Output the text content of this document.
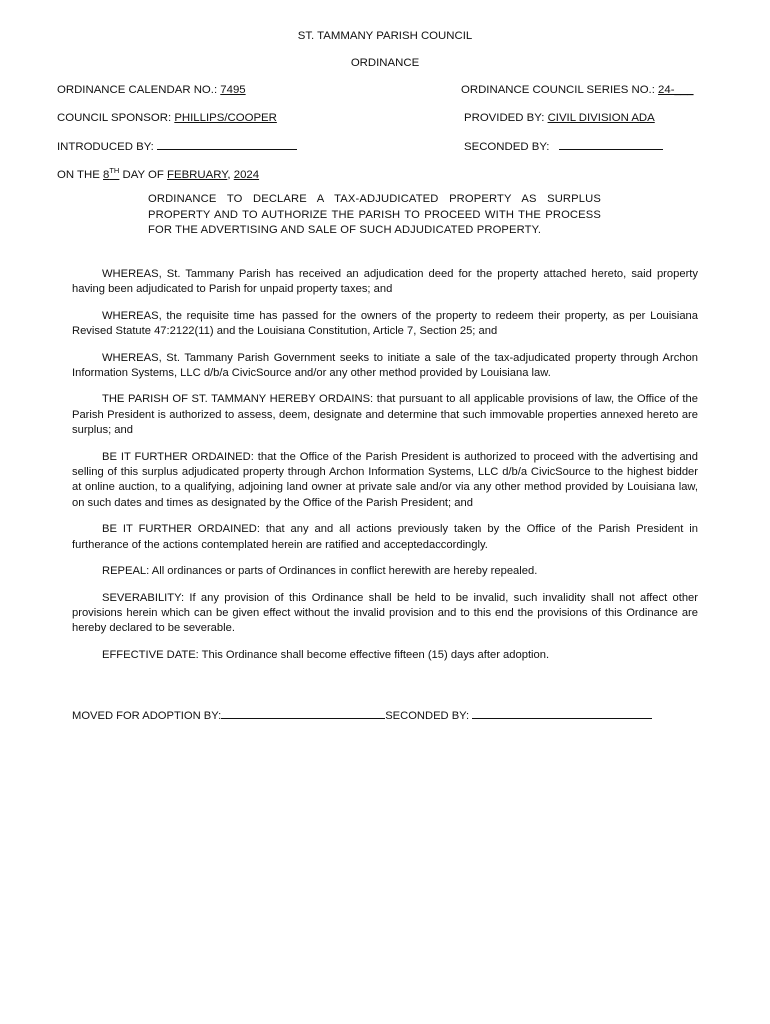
ST. TAMMANY PARISH COUNCIL
ORDINANCE
ORDINANCE CALENDAR NO.: 7495	ORDINANCE COUNCIL SERIES NO.: 24-___
COUNCIL SPONSOR: PHILLIPS/COOPER	PROVIDED BY: CIVIL DIVISION ADA
INTRODUCED BY:	SECONDED BY:
ON THE 8TH DAY OF FEBRUARY, 2024
ORDINANCE TO DECLARE A TAX-ADJUDICATED PROPERTY AS SURPLUS PROPERTY AND TO AUTHORIZE THE PARISH TO PROCEED WITH THE PROCESS FOR THE ADVERTISING AND SALE OF SUCH ADJUDICATED PROPERTY.

WHEREAS, St. Tammany Parish has received an adjudication deed for the property attached hereto, said property having been adjudicated to Parish for unpaid property taxes; and

WHEREAS, the requisite time has passed for the owners of the property to redeem their property, as per Louisiana Revised Statute 47:2122(11) and the Louisiana Constitution, Article 7, Section 25; and

WHEREAS, St. Tammany Parish Government seeks to initiate a sale of the tax-adjudicated property through Archon Information Systems, LLC d/b/a CivicSource and/or any other method provided by Louisiana law.

THE PARISH OF ST. TAMMANY HEREBY ORDAINS: that pursuant to all applicable provisions of law, the Office of the Parish President is authorized to assess, deem, designate and determine that such immovable properties annexed hereto are surplus; and

BE IT FURTHER ORDAINED: that the Office of the Parish President is authorized to proceed with the advertising and selling of this surplus adjudicated property through Archon Information Systems, LLC d/b/a CivicSource to the highest bidder at online auction, to a qualifying, adjoining land owner at private sale and/or via any other method provided by Louisiana law, on such dates and times as designated by the Office of the Parish President; and

BE IT FURTHER ORDAINED: that any and all actions previously taken by the Office of the Parish President in furtherance of the actions contemplated herein are ratified and acceptedaccordingly.

REPEAL: All ordinances or parts of Ordinances in conflict herewith are hereby repealed.

SEVERABILITY: If any provision of this Ordinance shall be held to be invalid, such invalidity shall not affect other provisions herein which can be given effect without the invalid provision and to this end the provisions of this Ordinance are hereby declared to be severable.

EFFECTIVE DATE: This Ordinance shall become effective fifteen (15) days after adoption.

MOVED FOR ADOPTION BY:	SECONDED BY:
